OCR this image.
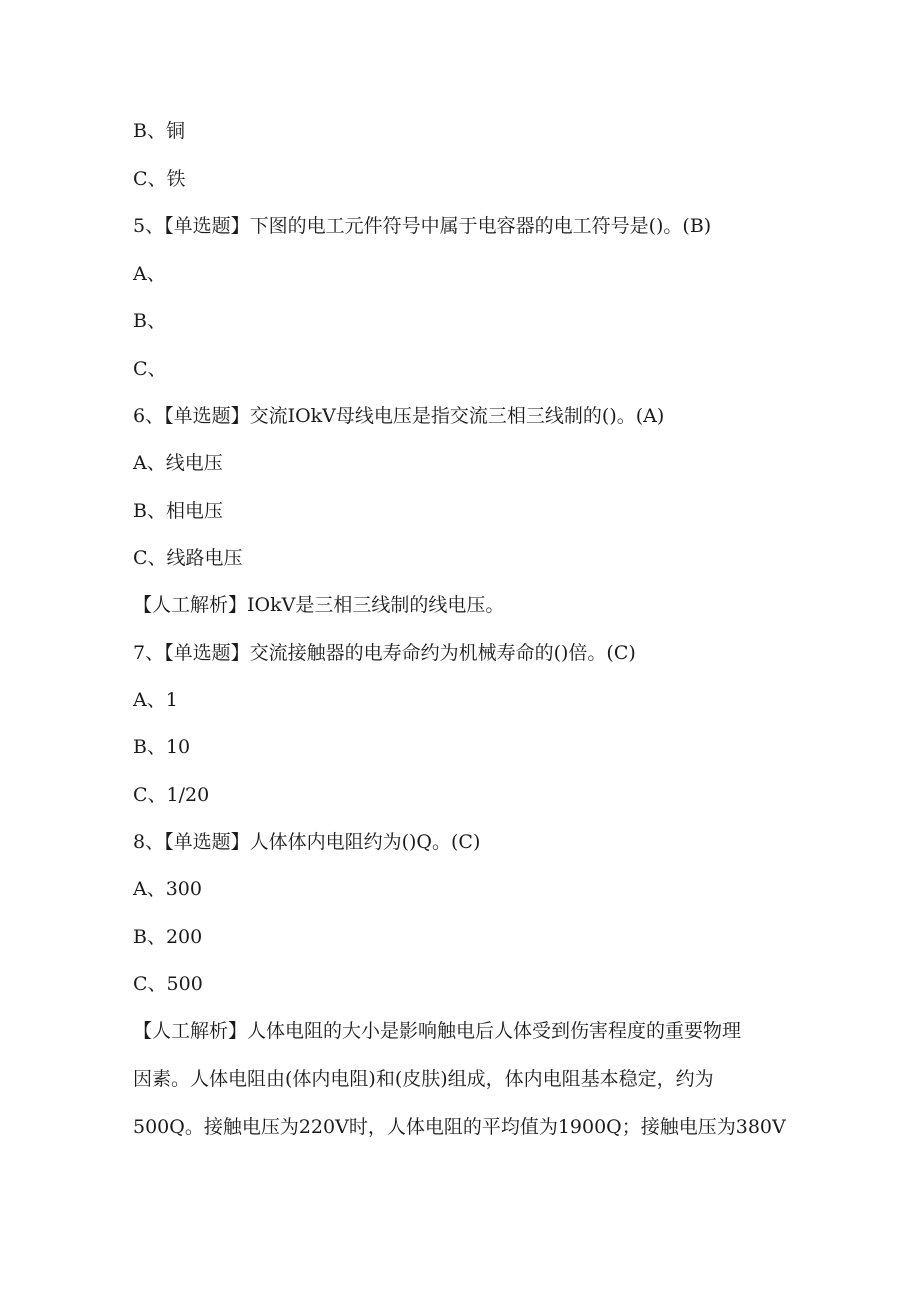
B、铜
C、铁
5、【单选题】下图的电工元件符号中属于电容器的电工符号是()。(B)
A、
B、
C、
6、【单选题】交流IOkV母线电压是指交流三相三线制的()。(A)
A、线电压
B、相电压
C、线路电压
【人工解析】IOkV是三相三线制的线电压。
7、【单选题】交流接触器的电寿命约为机械寿命的()倍。(C)
A、1
B、10
C、1/20
8、【单选题】人体体内电阻约为()Q。(C)
A、300
B、200
C、500
【人工解析】人体电阻的大小是影响触电后人体受到伤害程度的重要物理
因素。人体电阻由(体内电阻)和(皮肤)组成，体内电阻基本稳定，约为
500Q。接触电压为220V时，人体电阻的平均值为1900Q；接触电压为380V
